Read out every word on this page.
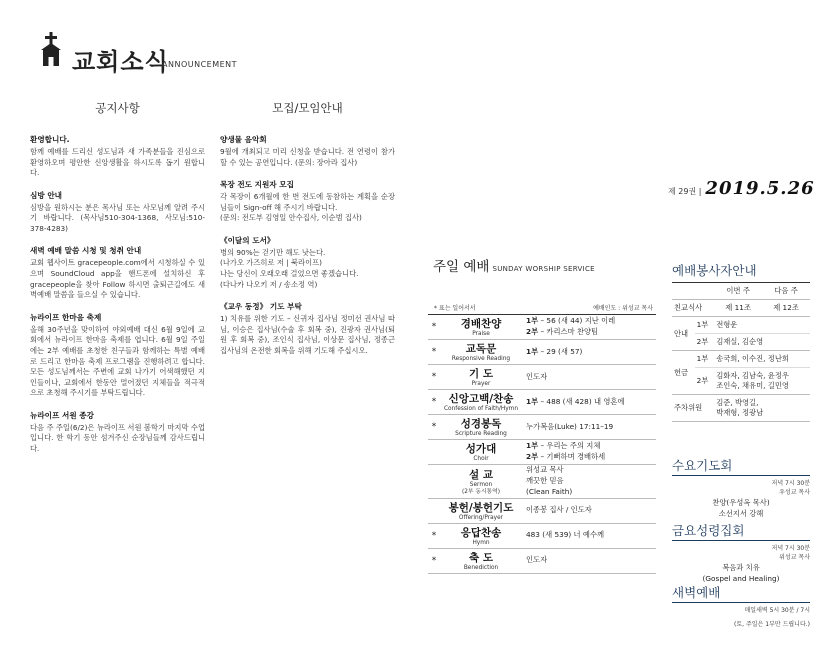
교회소식
ANNOUNCEMENT
공지사항
환영합니다.

함께 예배를 드리신 성도님과 새 가족분들을 진심으로 환영하오며 평안한 신앙생활을 하시도록 돕기 원합니다.

심방 안내

심방을 원하시는 분은 목사님 또는 사모님께 알려 주시기 바랍니다. (목사님510-304-1368, 사모님:510-378-4283)

새벽 예배 말씀 시청 및 청취 안내

교회 웹사이트 gracepeople.com에서 시청하실 수 있으며 SoundCloud app을 핸드폰에 설치하신 후 gracepeople을 찾아 Follow 하시면 출퇴근길에도 새벽예배 말씀을 들으실 수 있습니다.

뉴라이프 한마음 축제

올해 30주년을 맞이하여 야외예배 대신 6월 9일에 교회에서 뉴라이프 한마음 축제를 엽니다. 6월 9일 주일에는 2부 예배를 초청한 친구들과 함께하는 특별 예배로 드리고 한마음 축제 프로그램을 진행하려고 합니다. 모든 성도님께서는 주변에 교회 나가기 어색해했던 지인들이나, 교회에서 한동안 멀어졌던 지체들을 적극적으로 초청해 주시기를 부탁드립니다.

뉴라이프 서원 종강

다음 주 주일(6/2)은 뉴라이프 서원 봄학기 마지막 수업입니다. 한 학기 동안 섬겨주신 순장님들께 감사드립니다.

모집/모임안내
양생물 음악회

9월에 개최되고 미리 신청을 받습니다. 전 연령이 참가할 수 있는 공연입니다. (문의: 장아라 집사)

목장 전도 지원자 모집

각 목장이 6개월에 한 번 전도에 동참하는 계획을 순장님들이 Sign-off 해 주시기 바랍니다.
(문의: 전도부 김영일 안수집사, 이순범 집사)

《이달의 도서》

병의 90%는 걷기만 해도 낫는다.
(나가오 가즈히로 저 | 북라이프)
나는 당신이 오래오래 걸었으면 좋겠습니다.
(다나카 나오키 저 / 송소정 역)

《교우 동정》 기도 부탁

1) 치유를 위한 기도 – 신귀자 집사님 정미선 권사님 따님, 이승은 집사님(수술 후 회복 중), 진광자 권사님(퇴원 후 회복 중), 조인식 집사님, 이상문 집사님, 정종근 집사님의 온전한 회복을 위해 기도해 주십시오.

제 29권 | 2019.5.26
주일 예배 SUNDAY WORSHIP SERVICE
* 표는 일어서서	예배인도 : 위성교 목사
*	경배찬양
Praise
1부 – 56 (새 44) 지난 이레
2부 – 카리스마 찬양팀
*	교독문
Responsive Reading
1부 – 29 (새 57)
*	기 도
Prayer
인도자
*	신앙고백/찬송
Confession of Faith/Hymn
1부 – 488 (새 428) 내 영혼에
*	성경봉독
Scripture Reading
누가복음(Luke) 17:11–19
성가대
Choir
1부 – 우리는 주의 지체
2부 – 기뻐하며 경배하세
설 교
Sermon
(2부 동시통역)
위성교 목사
깨끗한 믿음
(Clean Faith)
봉헌/봉헌기도
Offering/Prayer
이종봉 집사 / 인도자
*	응답찬송
Hymn
483 (새 539) 너 예수께
*	축 도
Benediction
인도자
예배봉사자안내
		이번 주	다음 주
친교식사		제 11조	제 12조
안내	1부	전형운	
	2부	김재실, 김순영	
헌금	1부	송국희, 이수진, 정난희	
	2부	김화자, 김남숙, 윤정우
조인숙, 채유미, 길민영	
주차위원		김준, 박영길,
박재형, 정광남	
수요기도회
저녁 7시 30분
우성교 목사
찬양(우성옥 목사)
소선지서 강해
금요성령집회
저녁 7시 30분
위성교 목사
복음과 치유
(Gospel and Healing)
새벽예배
매일새벽 5시 30분 / 7시
(토, 주일은 1부만 드립니다.)
